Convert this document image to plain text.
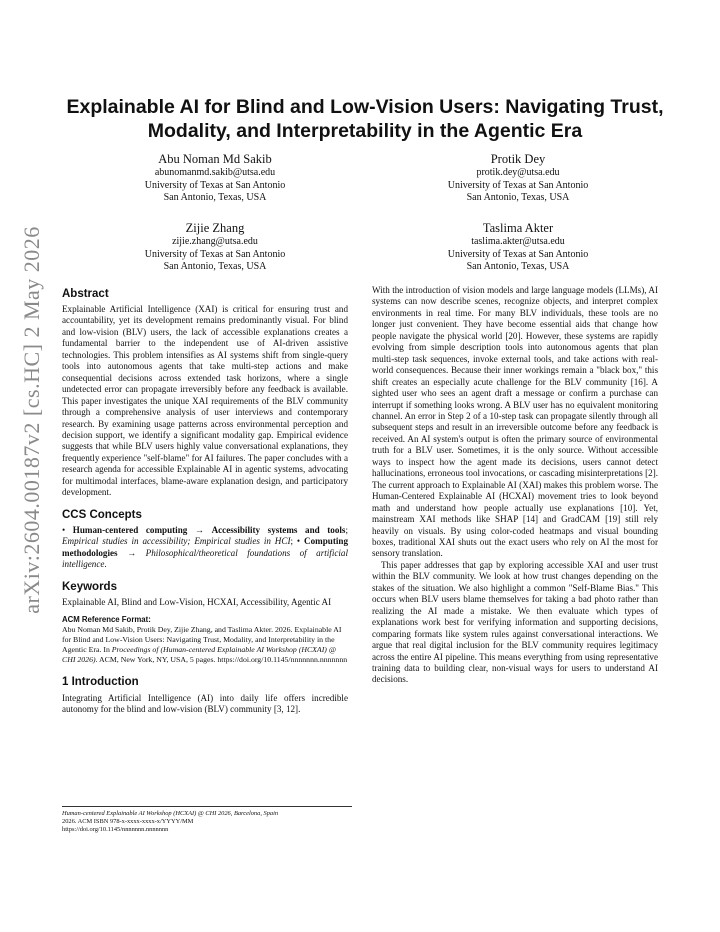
arXiv:2604.00187v2 [cs.HC] 2 May 2026
Explainable AI for Blind and Low-Vision Users: Navigating Trust,
Modality, and Interpretability in the Agentic Era
Abu Noman Md Sakib
abunomanmd.sakib@utsa.edu
University of Texas at San Antonio
San Antonio, Texas, USA
Protik Dey
protik.dey@utsa.edu
University of Texas at San Antonio
San Antonio, Texas, USA
Zijie Zhang
zijie.zhang@utsa.edu
University of Texas at San Antonio
San Antonio, Texas, USA
Taslima Akter
taslima.akter@utsa.edu
University of Texas at San Antonio
San Antonio, Texas, USA
Abstract

Explainable Artificial Intelligence (XAI) is critical for ensuring trust and accountability, yet its development remains predominantly visual. For blind and low-vision (BLV) users, the lack of accessible explanations creates a fundamental barrier to the independent use of AI-driven assistive technologies. This problem intensifies as AI systems shift from single-query tools into autonomous agents that take multi-step actions and make consequential decisions across extended task horizons, where a single undetected error can propagate irreversibly before any feedback is available. This paper investigates the unique XAI requirements of the BLV community through a comprehensive analysis of user interviews and contemporary research. By examining usage patterns across environmental perception and decision support, we identify a significant modality gap. Empirical evidence suggests that while BLV users highly value conversational explanations, they frequently experience "self-blame" for AI failures. The paper concludes with a research agenda for accessible Explainable AI in agentic systems, advocating for multimodal interfaces, blame-aware explanation design, and participatory development.

CCS Concepts

• Human-centered computing → Accessibility systems and tools; Empirical studies in accessibility; Empirical studies in HCI; • Computing methodologies → Philosophical/theoretical foundations of artificial intelligence.

Keywords

Explainable AI, Blind and Low-Vision, HCXAI, Accessibility, Agentic AI

ACM Reference Format:

Abu Noman Md Sakib, Protik Dey, Zijie Zhang, and Taslima Akter. 2026. Explainable AI for Blind and Low-Vision Users: Navigating Trust, Modality, and Interpretability in the Agentic Era. In Proceedings of (Human-centered Explainable AI Workshop (HCXAI) @ CHI 2026). ACM, New York, NY, USA, 5 pages. https://doi.org/10.1145/nnnnnnn.nnnnnnn

1 Introduction

Integrating Artificial Intelligence (AI) into daily life offers incredible autonomy for the blind and low-vision (BLV) community [3, 12].

Human-centered Explainable AI Workshop (HCXAI) @ CHI 2026, Barcelona, Spain
2026. ACM ISBN 978-x-xxxx-xxxx-x/YYYY/MM
https://doi.org/10.1145/nnnnnnn.nnnnnnn

With the introduction of vision models and large language models (LLMs), AI systems can now describe scenes, recognize objects, and interpret complex environments in real time. For many BLV individuals, these tools are no longer just convenient. They have become essential aids that change how people navigate the physical world [20]. However, these systems are rapidly evolving from simple description tools into autonomous agents that plan multi-step task sequences, invoke external tools, and take actions with real-world consequences. Because their inner workings remain a "black box," this shift creates an especially acute challenge for the BLV community [16]. A sighted user who sees an agent draft a message or confirm a purchase can interrupt if something looks wrong. A BLV user has no equivalent monitoring channel. An error in Step 2 of a 10-step task can propagate silently through all subsequent steps and result in an irreversible outcome before any feedback is received. An AI system's output is often the primary source of environmental truth for a BLV user. Sometimes, it is the only source. Without accessible ways to inspect how the agent made its decisions, users cannot detect hallucinations, erroneous tool invocations, or cascading misinterpretations [2]. The current approach to Explainable AI (XAI) makes this problem worse. The Human-Centered Explainable AI (HCXAI) movement tries to look beyond math and understand how people actually use explanations [10]. Yet, mainstream XAI methods like SHAP [14] and GradCAM [19] still rely heavily on visuals. By using color-coded heatmaps and visual bounding boxes, traditional XAI shuts out the exact users who rely on AI the most for sensory translation.

This paper addresses that gap by exploring accessible XAI and user trust within the BLV community. We look at how trust changes depending on the stakes of the situation. We also highlight a common "Self-Blame Bias." This occurs when BLV users blame themselves for taking a bad photo rather than realizing the AI made a mistake. We then evaluate which types of explanations work best for verifying information and supporting decisions, comparing formats like system rules against conversational interactions. We argue that real digital inclusion for the BLV community requires legitimacy across the entire AI pipeline. This means everything from using representative training data to building clear, non-visual ways for users to understand AI decisions.
